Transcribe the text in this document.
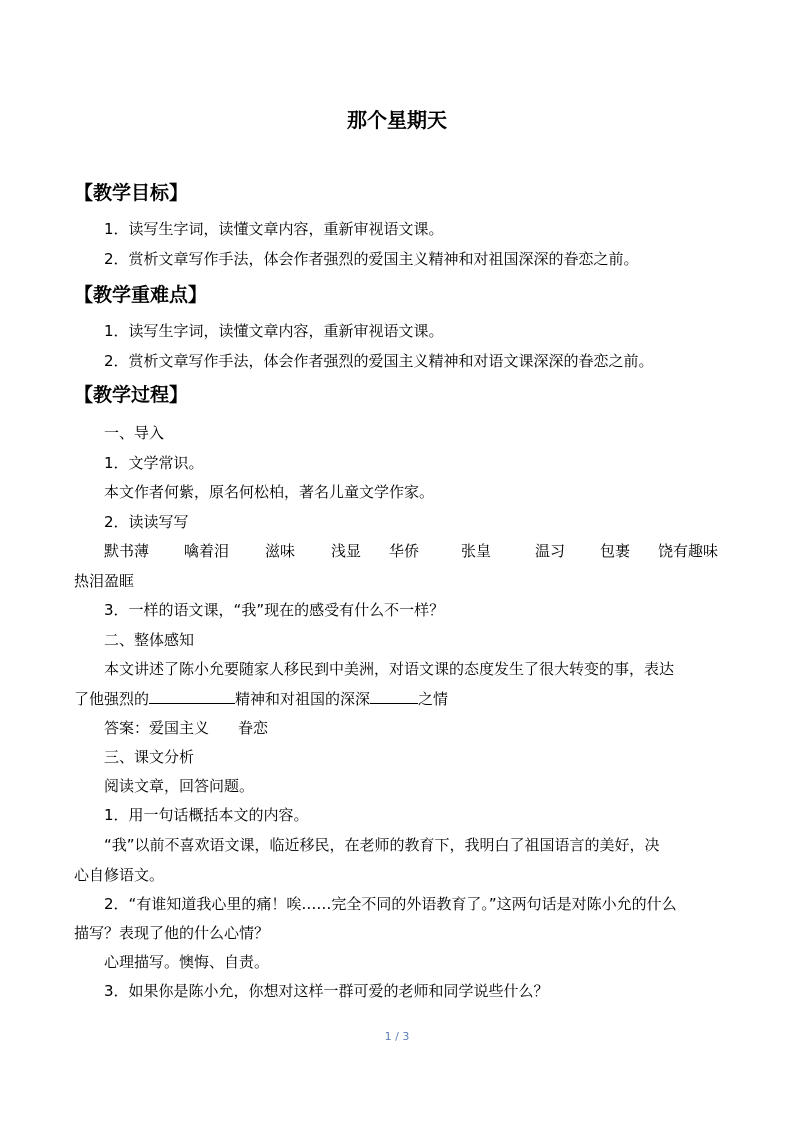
那个星期天
【教学目标】
1．读写生字词，读懂文章内容，重新审视语文课。
2．赏析文章写作手法，体会作者强烈的爱国主义精神和对祖国深深的眷恋之前。
【教学重难点】
1．读写生字词，读懂文章内容，重新审视语文课。
2．赏析文章写作手法，体会作者强烈的爱国主义精神和对语文课深深的眷恋之前。
【教学过程】
一、导入
1．文学常识。
本文作者何紫，原名何松柏，著名儿童文学作家。
2．读读写写
默书薄 噙着泪 滋味 浅显 华侨	张皇	温习 包裹 饶有趣味
热泪盈眶
3．一样的语文课，“我”现在的感受有什么不一样？
二、整体感知
本文讲述了陈小允要随家人移民到中美洲，对语文课的态度发生了很大转变的事，表达
了他强烈的	精神和对祖国的深深	之情
答案：爱国主义 眷恋
三、课文分析
阅读文章，回答问题。
1．用一句话概括本文的内容。
“我”以前不喜欢语文课，临近移民，在老师的教育下，我明白了祖国语言的美好，决
心自修语文。
2．“有谁知道我心里的痛！唉……完全不同的外语教育了。”这两句话是对陈小允的什么
描写？表现了他的什么心情？
心理描写。懊悔、自责。
3．如果你是陈小允，你想对这样一群可爱的老师和同学说些什么？
1 / 3
